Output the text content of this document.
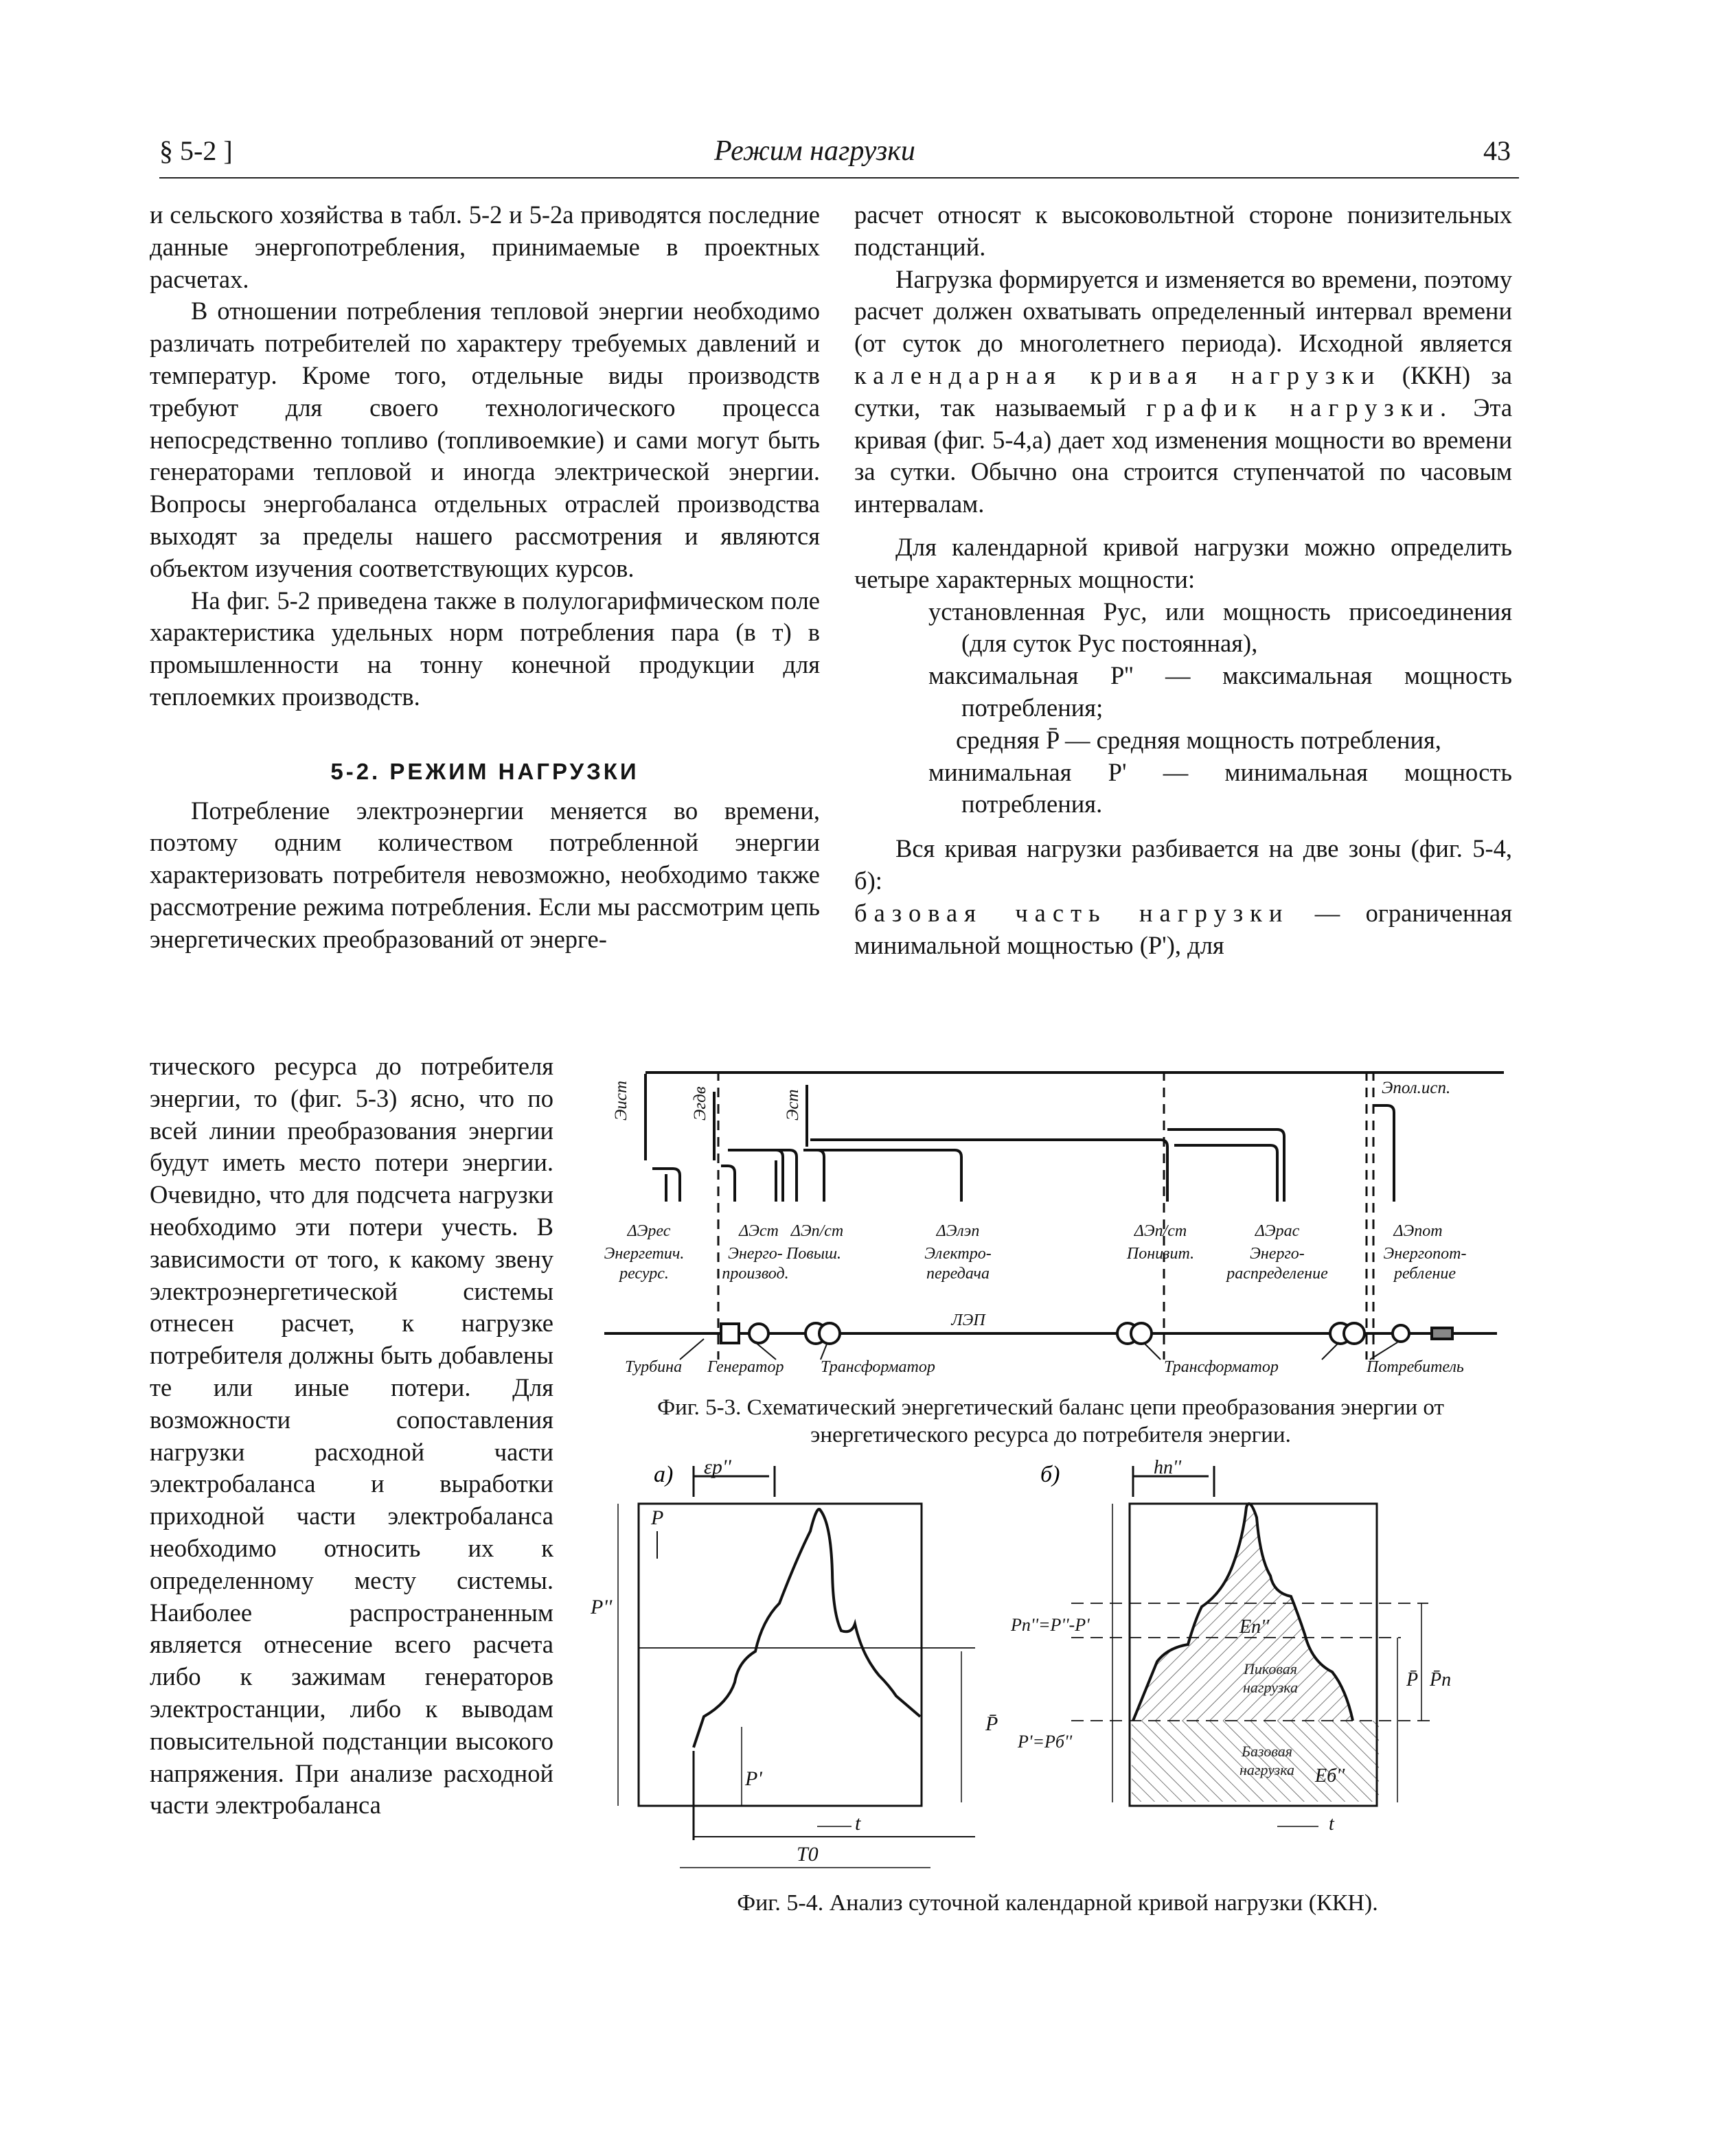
§ 5-2 ]	Режим нагрузки	43

и сельского хозяйства в табл. 5-2 и 5-2а приводятся последние данные энергопотребления, принимаемые в проектных расчетах.

В отношении потребления тепловой энергии необходимо различать потребителей по характеру требуемых давлений и температур. Кроме того, отдельные виды производств требуют для своего технологического процесса непосредственно топливо (топливоемкие) и сами могут быть генераторами тепловой и иногда электрической энергии. Вопросы энергобаланса отдельных отраслей производства выходят за пределы нашего рассмотрения и являются объектом изучения соответствующих курсов.

На фиг. 5-2 приведена также в полулогарифмическом поле характеристика удельных норм потребления пара (в т) в промышленности на тонну конечной продукции для теплоемких производств.

5-2. РЕЖИМ НАГРУЗКИ

Потребление электроэнергии меняется во времени, поэтому одним количеством потребленной энергии характеризовать потребителя невозможно, необходимо также рассмотрение режима потребления. Если мы рассмотрим цепь энергетических преобразований от энерге-

тического ресурса до потребителя энергии, то (фиг. 5-3) ясно, что по всей линии преобразования энергии будут иметь место потери энергии. Очевидно, что для подсчета нагрузки необходимо эти потери учесть. В зависимости от того, к какому звену электроэнергетической системы отнесен расчет, к нагрузке потребителя должны быть добавлены те или иные потери. Для возможности сопоставления нагрузки расходной части электробаланса и выработки приходной части электробаланса необходимо относить их к определенному месту системы. Наиболее распространенным является отнесение всего расчета либо к зажимам генераторов электростанции, либо к выводам повысительной подстанции высокого напряжения. При анализе расходной части электробаланса

расчет относят к высоковольтной стороне понизительных подстанций.

Нагрузка формируется и изменяется во времени, поэтому расчет должен охватывать определенный интервал времени (от суток до многолетнего периода). Исходной является календарная кривая нагрузки (ККН) за сутки, так называемый график нагрузки. Эта кривая (фиг. 5-4,а) дает ход изменения мощности во времени за сутки. Обычно она строится ступенчатой по часовым интервалам.

Для календарной кривой нагрузки можно определить четыре характерных мощности:

установленная Pус, или мощность присоединения (для суток Pус постоянная),

максимальная P'' — максимальная мощность потребления;

средняя P̄ — средняя мощность потребления,

минимальная P' — минимальная мощность потребления.

Вся кривая нагрузки разбивается на две зоны (фиг. 5-4, б):

базовая часть нагрузки — ограниченная минимальной мощностью (P'), для

Эист	Эгдв	Эст
Эпол.исп.
ΔЭрес
Энергетич.
ресурс.
ΔЭст
Энерго-
производ.
ΔЭп/ст
Повыш.
ΔЭлэп
Электро-
передача
ΔЭп/ст
Понизит.
ΔЭрас
Энерго-
распределение
ΔЭпот
Энергопот-
ребление
ЛЭП
Турбина Генератор Трансформатор	Трансформатор	Потребитель
Фиг. 5-3. Схематический энергетический баланс цепи преобразования энергии от энергетического ресурса до потребителя энергии.
а) εp''
P
P''
P'
P̄
t
T0
б)	hп''
Pп''=P''-P'
P'=Pб''
Eп''
Eб''
P̄ P̄п
t
Пиковая
нагрузка
Базовая
нагрузка
Фиг. 5-4. Анализ суточной календарной кривой нагрузки (ККН).
